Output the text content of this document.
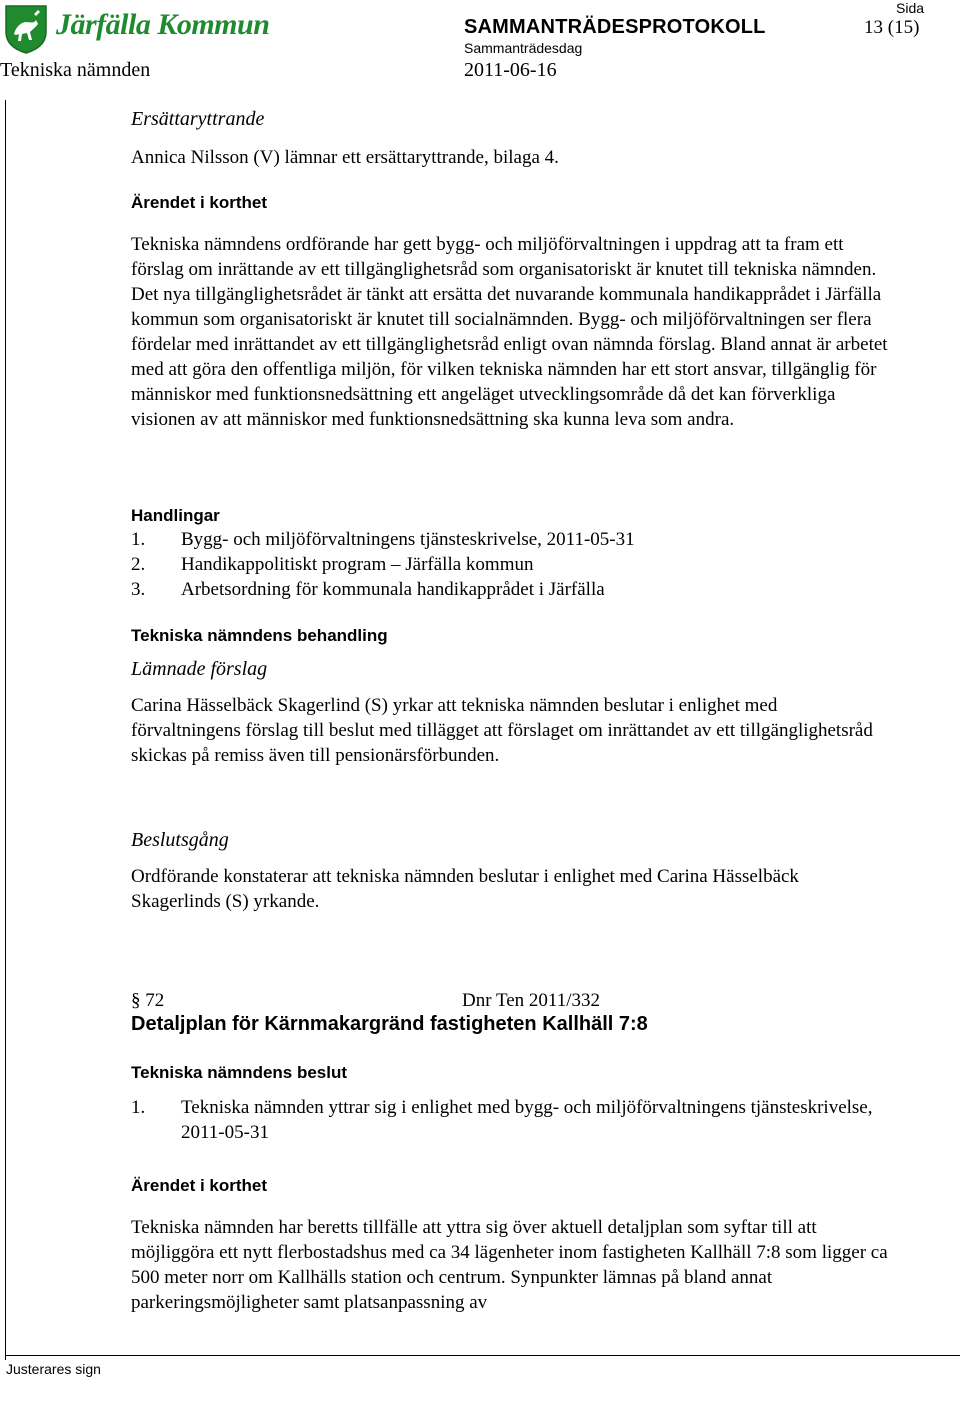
Järfälla Kommun	Sida
SAMMANTRÄDESPROTOKOLL	13 (15)
Sammanträdesdag
Tekniska nämnden	2011-06-16
Ersättaryttrande
Annica Nilsson (V) lämnar ett ersättaryttrande, bilaga 4.
Ärendet i korthet
Tekniska nämndens ordförande har gett bygg- och miljöförvaltningen i uppdrag att ta fram ett förslag om inrättande av ett tillgänglighetsråd som organisatoriskt är knutet till tekniska nämnden. Det nya tillgänglighetsrådet är tänkt att ersätta det nuvarande kommunala handikapprådet i Järfälla kommun som organisatoriskt är knutet till socialnämnden. Bygg- och miljöförvaltningen ser flera fördelar med inrättandet av ett tillgänglighetsråd enligt ovan nämnda förslag. Bland annat är arbetet med att göra den offentliga miljön, för vilken tekniska nämnden har ett stort ansvar, tillgänglig för människor med funktionsnedsättning ett angeläget utvecklingsområde då det kan förverkliga visionen av att människor med funktionsnedsättning ska kunna leva som andra.
Handlingar
1. Bygg- och miljöförvaltningens tjänsteskrivelse, 2011-05-31
2. Handikappolitiskt program – Järfälla kommun
3. Arbetsordning för kommunala handikapprådet i Järfälla
Tekniska nämndens behandling
Lämnade förslag
Carina Hässelbäck Skagerlind (S) yrkar att tekniska nämnden beslutar i enlighet med förvaltningens förslag till beslut med tillägget att förslaget om inrättandet av ett tillgänglighetsråd skickas på remiss även till pensionärsförbunden.
Beslutsgång
Ordförande konstaterar att tekniska nämnden beslutar i enlighet med Carina Hässelbäck Skagerlinds (S) yrkande.
§ 72	Dnr Ten 2011/332
Detaljplan för Kärnmakargränd fastigheten Kallhäll 7:8
Tekniska nämndens beslut
1. Tekniska nämnden yttrar sig i enlighet med bygg- och miljöförvaltningens tjänsteskrivelse, 2011-05-31
Ärendet i korthet
Tekniska nämnden har beretts tillfälle att yttra sig över aktuell detaljplan som syftar till att möjliggöra ett nytt flerbostadshus med ca 34 lägenheter inom fastigheten Kallhäll 7:8 som ligger ca 500 meter norr om Kallhälls station och centrum. Synpunkter lämnas på bland annat parkeringsmöjligheter samt platsanpassning av
Justerares sign
